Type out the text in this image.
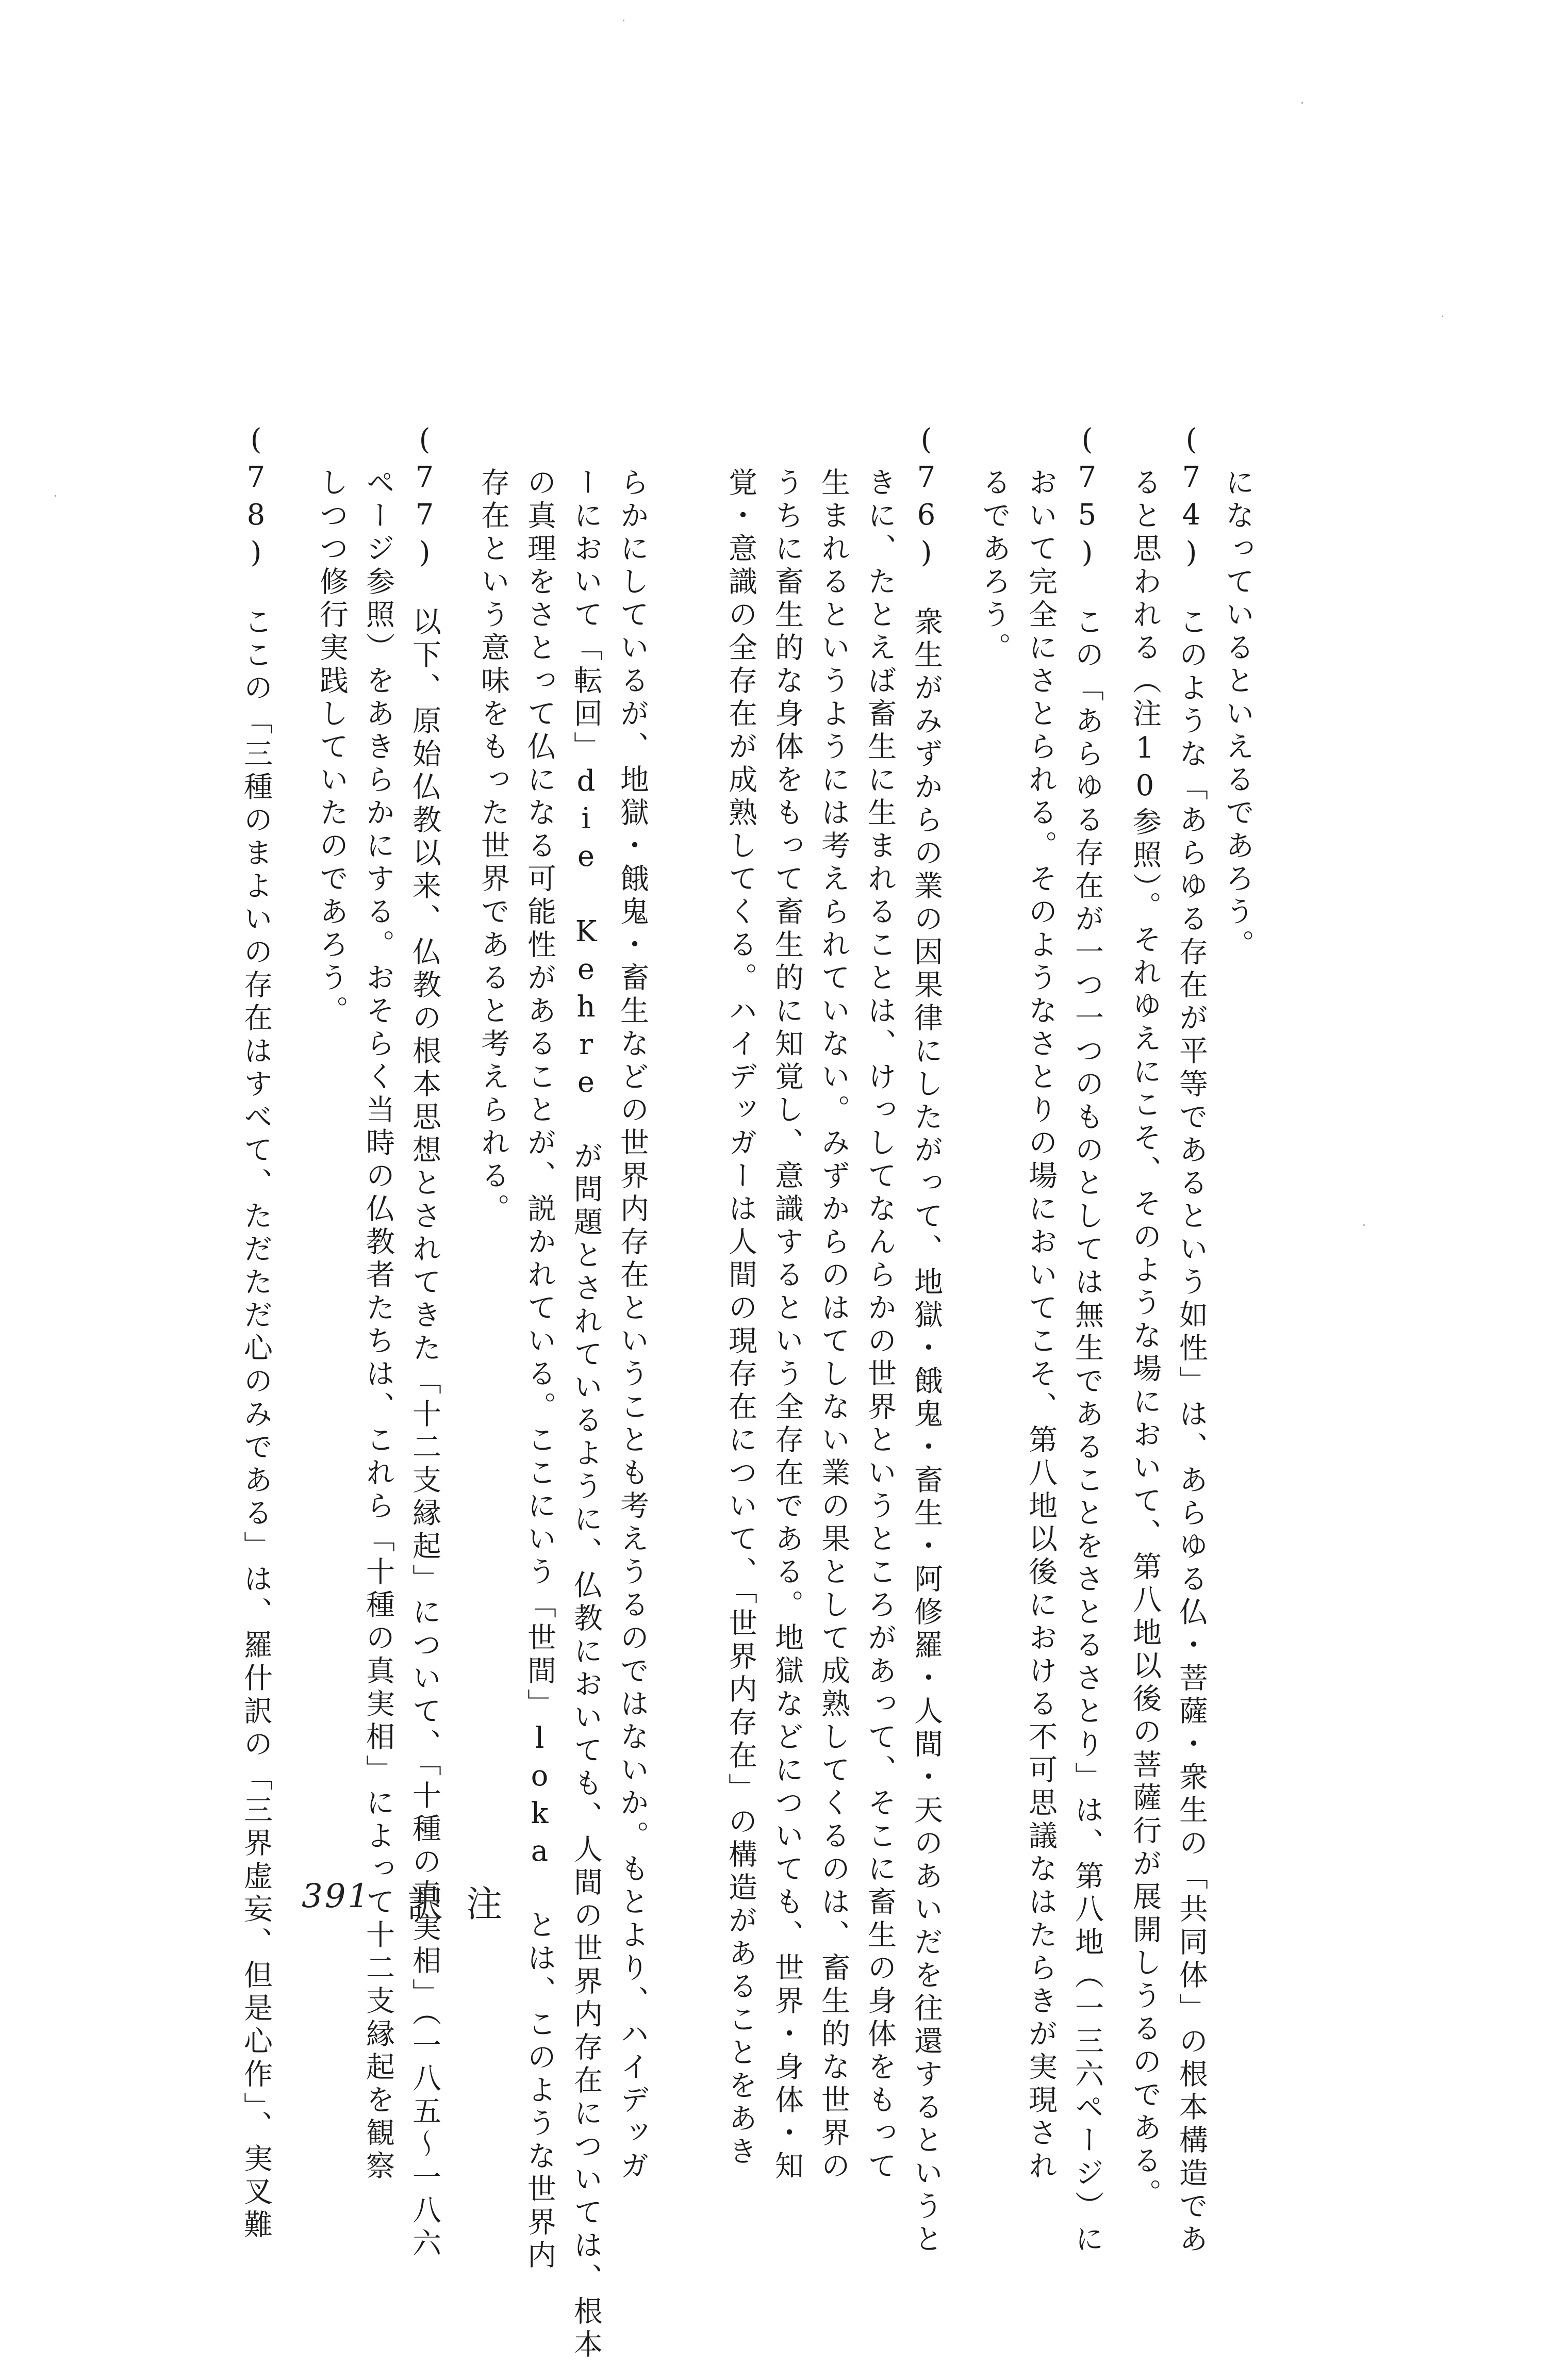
になっているといえるであろう。
(74)　このような「あらゆる存在が平等であるという如性」は、あらゆる仏・菩薩・衆生の「共同体」の根本構造であ
ると思われる（注10参照）。それゆえにこそ、そのような場において、第八地以後の菩薩行が展開しうるのである。
(75)　この「あらゆる存在が一つ一つのものとしては無生であることをさとるさとり」は、第八地（一三六ページ）に
おいて完全にさとられる。そのようなさとりの場においてこそ、第八地以後における不可思議なはたらきが実現され
るであろう。
(76)　衆生がみずからの業の因果律にしたがって、地獄・餓鬼・畜生・阿修羅・人間・天のあいだを往還するというと
きに、たとえば畜生に生まれることは、けっしてなんらかの世界というところがあって、そこに畜生の身体をもって
生まれるというようには考えられていない。みずからのはてしない業の果として成熟してくるのは、畜生的な世界の
うちに畜生的な身体をもって畜生的に知覚し、意識するという全存在である。地獄などについても、世界・身体・知
覚・意識の全存在が成熟してくる。ハイデッガーは人間の現存在について、「世界内存在」の構造があることをあき
らかにしているが、地獄・餓鬼・畜生などの世界内存在ということも考えうるのではないか。もとより、ハイデッガ
ーにおいて「転回」die Kehre が問題とされているように、仏教においても、人間の世界内存在については、根本
の真理をさとって仏になる可能性があることが、説かれている。ここにいう「世間」loka とは、このような世界内
存在という意味をもった世界であると考えられる。
(77)　以下、原始仏教以来、仏教の根本思想とされてきた「十二支縁起」について、「十種の真実相」（一八五～一八六
ページ参照）をあきらかにする。おそらく当時の仏教者たちは、これら「十種の真実相」によって十二支縁起を観察
しつつ修行実践していたのであろう。
(78)　ここの「三種のまよいの存在はすべて、ただただ心のみである」は、羅什訳の「三界虚妄、但是心作」、実叉難 391 訳注
